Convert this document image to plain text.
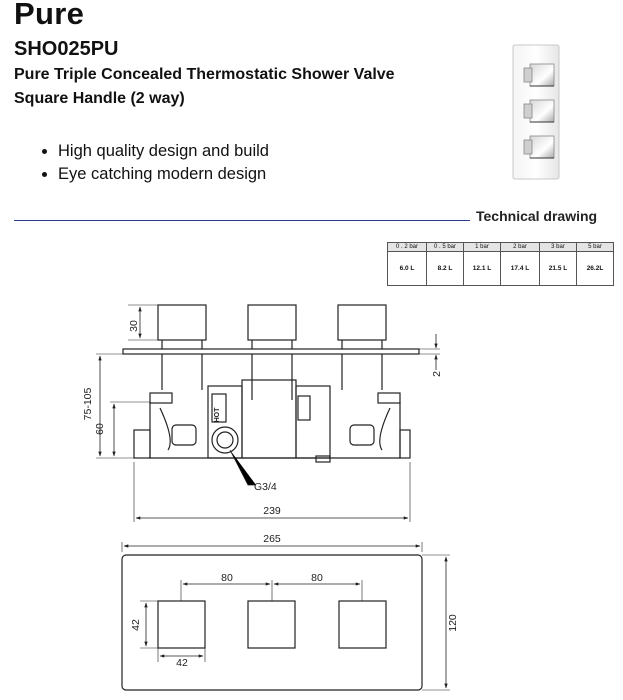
Pure
SHO025PU
Pure Triple Concealed Thermostatic Shower Valve
Square Handle (2 way)
• High quality design and build
• Eye catching modern design
Technical drawing
0 . 2 bar	0 . 5 bar	1 bar	2 bar	3 bar	5 bar
6.0 L	8.2 L	12.1 L	17.4 L	21.5 L	26.2L
HOT
30
2
75-105
60
G3/4
239
265
80	80
42
42
120
